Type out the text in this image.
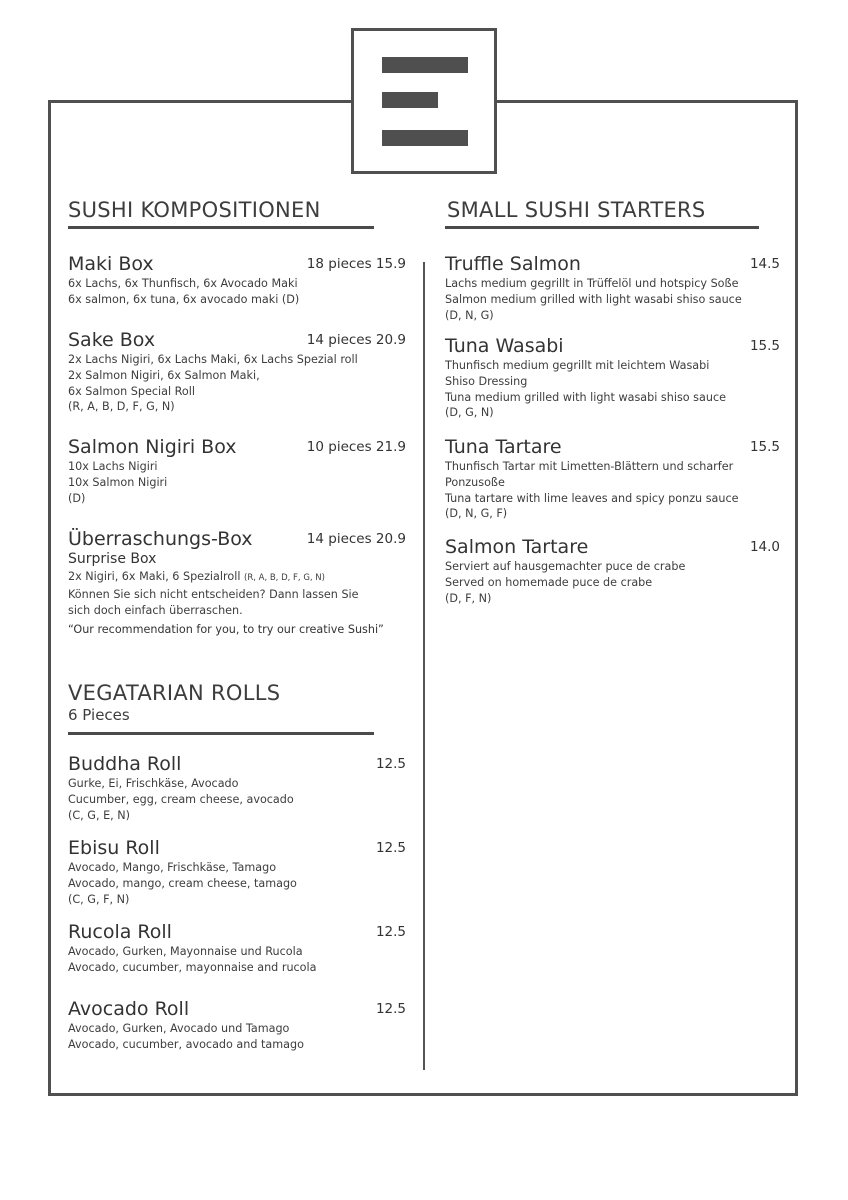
SUSHI KOMPOSITIONEN
Maki Box	18 pieces 15.9
6x Lachs, 6x Thunfisch, 6x Avocado Maki
6x salmon, 6x tuna, 6x avocado maki (D)
Sake Box	14 pieces 20.9
2x Lachs Nigiri, 6x Lachs Maki, 6x Lachs Spezial roll
2x Salmon Nigiri, 6x Salmon Maki,
6x Salmon Special Roll
(R, A, B, D, F, G, N)
Salmon Nigiri Box	10 pieces 21.9
10x Lachs Nigiri
10x Salmon Nigiri
(D)
Überraschungs-Box	14 pieces 20.9
Surprise Box
2x Nigiri, 6x Maki, 6 Spezialroll (R, A, B, D, F, G, N)
Können Sie sich nicht entscheiden? Dann lassen Sie
sich doch einfach überraschen.
“Our recommendation for you, to try our creative Sushi”
VEGATARIAN ROLLS
6 Pieces
Buddha Roll	12.5
Gurke, Ei, Frischkäse, Avocado
Cucumber, egg, cream cheese, avocado
(C, G, E, N)
Ebisu Roll	12.5
Avocado, Mango, Frischkäse, Tamago
Avocado, mango, cream cheese, tamago
(C, G, F, N)
Rucola Roll	12.5
Avocado, Gurken, Mayonnaise und Rucola
Avocado, cucumber, mayonnaise and rucola
Avocado Roll	12.5
Avocado, Gurken, Avocado und Tamago
Avocado, cucumber, avocado and tamago
SMALL SUSHI STARTERS
Truffle Salmon	14.5
Lachs medium gegrillt in Trüffelöl und hotspicy Soße
Salmon medium grilled with light wasabi shiso sauce
(D, N, G)
Tuna Wasabi	15.5
Thunfisch medium gegrillt mit leichtem Wasabi
Shiso Dressing
Tuna medium grilled with light wasabi shiso sauce
(D, G, N)
Tuna Tartare	15.5
Thunfisch Tartar mit Limetten-Blättern und scharfer
Ponzusoße
Tuna tartare with lime leaves and spicy ponzu sauce
(D, N, G, F)
Salmon Tartare	14.0
Serviert auf hausgemachter puce de crabe
Served on homemade puce de crabe
(D, F, N)
